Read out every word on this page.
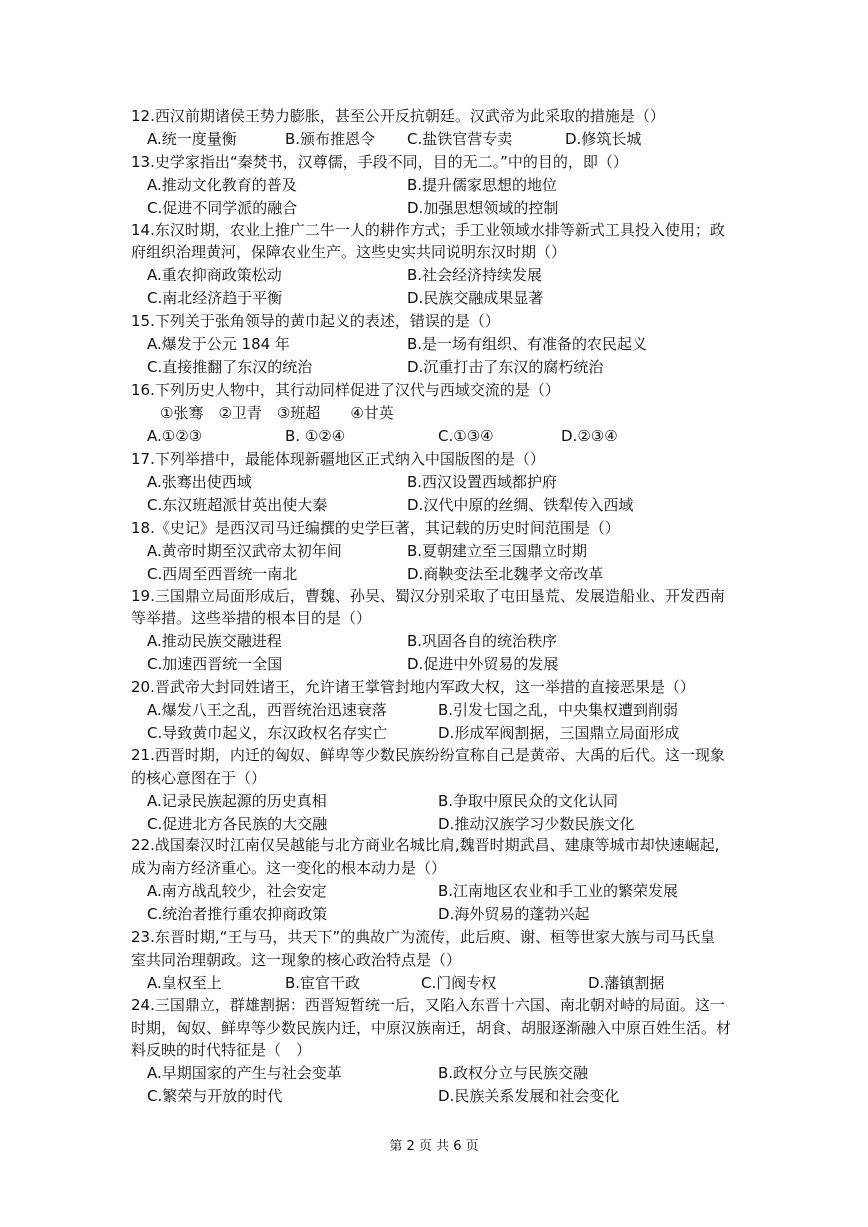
12.西汉前期诸侯王势力膨胀，甚至公开反抗朝廷。汉武帝为此采取的措施是（）
A.统一度量衡	B.颁布推恩令 C.盐铁官营专卖	D.修筑长城
13.史学家指出“秦焚书，汉尊儒，手段不同，目的无二。”中的目的，即（）
A.推动文化教育的普及	B.提升儒家思想的地位
C.促进不同学派的融合	D.加强思想领域的控制
14.东汉时期，农业上推广二牛一人的耕作方式；手工业领域水排等新式工具投入使用；政
府组织治理黄河，保障农业生产。这些史实共同说明东汉时期（）
A.重农抑商政策松动	B.社会经济持续发展
C.南北经济趋于平衡	D.民族交融成果显著
15.下列关于张角领导的黄巾起义的表述，错误的是（）
A.爆发于公元 184 年	B.是一场有组织、有准备的农民起义
C.直接推翻了东汉的统治	D.沉重打击了东汉的腐朽统治
16.下列历史人物中，其行动同样促进了汉代与西域交流的是（）
①张骞　②卫青　③班超　　④甘英
A.①②③	B. ①②④	C.①③④	D.②③④
17.下列举措中，最能体现新疆地区正式纳入中国版图的是（）
A.张骞出使西域	B.西汉设置西域都护府
C.东汉班超派甘英出使大秦	D.汉代中原的丝绸、铁犁传入西域
18.《史记》是西汉司马迁编撰的史学巨著，其记载的历史时间范围是（）
A.黄帝时期至汉武帝太初年间	B.夏朝建立至三国鼎立时期
C.西周至西晋统一南北	D.商鞅变法至北魏孝文帝改革
19.三国鼎立局面形成后，曹魏、孙吴、蜀汉分别采取了屯田垦荒、发展造船业、开发西南
等举措。这些举措的根本目的是（）
A.推动民族交融进程	B.巩固各自的统治秩序
C.加速西晋统一全国	D.促进中外贸易的发展
20.晋武帝大封同姓诸王，允许诸王掌管封地内军政大权，这一举措的直接恶果是（）
A.爆发八王之乱，西晋统治迅速衰落	B.引发七国之乱，中央集权遭到削弱
C.导致黄巾起义，东汉政权名存实亡	D.形成军阀割据，三国鼎立局面形成
21.西晋时期，内迁的匈奴、鲜卑等少数民族纷纷宣称自己是黄帝、大禹的后代。这一现象
的核心意图在于（）
A.记录民族起源的历史真相	B.争取中原民众的文化认同
C.促进北方各民族的大交融	D.推动汉族学习少数民族文化
22.战国秦汉时江南仅吴越能与北方商业名城比肩,魏晋时期武昌、建康等城市却快速崛起,
成为南方经济重心。这一变化的根本动力是（）
A.南方战乱较少，社会安定	B.江南地区农业和手工业的繁荣发展
C.统治者推行重农抑商政策	D.海外贸易的蓬勃兴起
23.东晋时期,“王与马，共天下”的典故广为流传，此后庾、谢、桓等世家大族与司马氏皇
室共同治理朝政。这一现象的核心政治特点是（）
A.皇权至上	B.宦官干政	C.门阀专权	D.藩镇割据
24.三国鼎立，群雄割据：西晋短暂统一后，又陷入东晋十六国、南北朝对峙的局面。这一
时期，匈奴、鲜卑等少数民族内迁，中原汉族南迁，胡食、胡服逐渐融入中原百姓生活。材
料反映的时代特征是（　）
A.早期国家的产生与社会变革	B.政权分立与民族交融
C.繁荣与开放的时代	D.民族关系发展和社会变化
第 2 页 共 6 页
